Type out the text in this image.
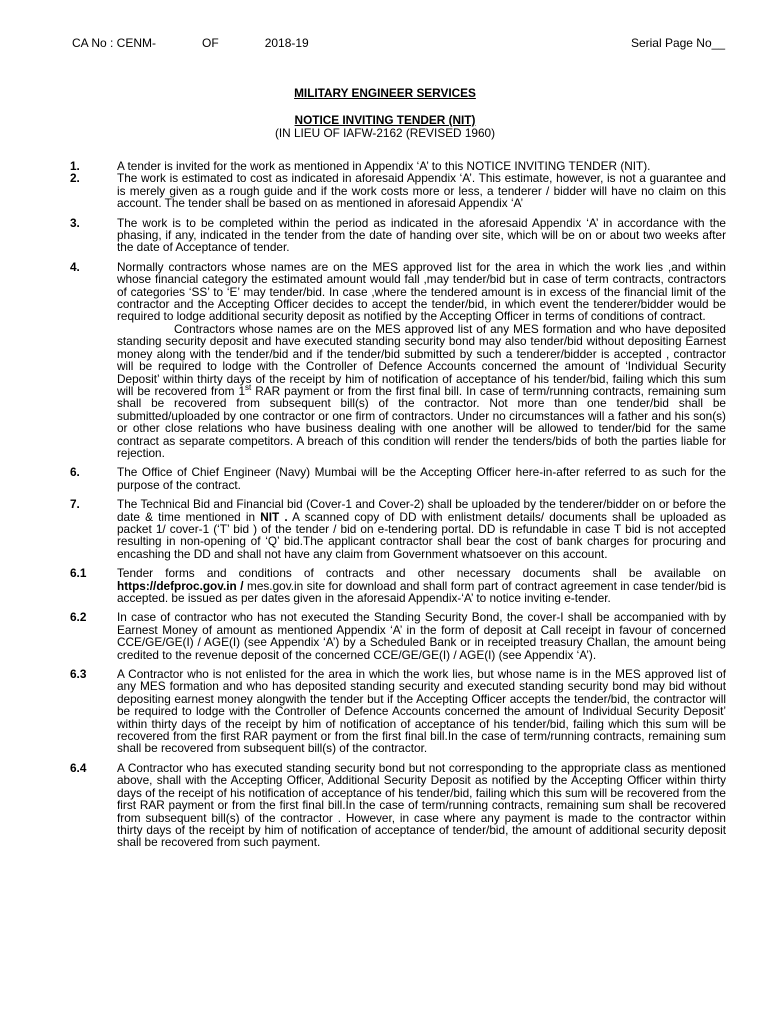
CA No : CENM-	OF	2018-19	Serial Page No__
MILITARY ENGINEER SERVICES
NOTICE INVITING TENDER (NIT)
(IN LIEU OF IAFW-2162 (REVISED 1960)
1.	A tender is invited for the work as mentioned in Appendix ‘A’ to this NOTICE INVITING TENDER (NIT).
2.	The work is estimated to cost as indicated in aforesaid Appendix ‘A’. This estimate, however, is not a guarantee and is merely given as a rough guide and if the work costs more or less, a tenderer / bidder will have no claim on this account. The tender shall be based on as mentioned in aforesaid Appendix ‘A’
3.	The work is to be completed within the period as indicated in the aforesaid Appendix ‘A’ in accordance with the phasing, if any, indicated in the tender from the date of handing over site, which will be on or about two weeks after the date of Acceptance of tender.
4.	Normally contractors whose names are on the MES approved list for the area in which the work lies ,and within whose financial category the estimated amount would fall ,may tender/bid but in case of term contracts, contractors of categories ‘SS’ to ‘E’ may tender/bid. In case ,where the tendered amount is in excess of the financial limit of the contractor and the Accepting Officer decides to accept the tender/bid, in which event the tenderer/bidder would be required to lodge additional security deposit as notified by the Accepting Officer in terms of conditions of contract.
Contractors whose names are on the MES approved list of any MES formation and who have deposited standing security deposit and have executed standing security bond may also tender/bid without depositing Earnest money along with the tender/bid and if the tender/bid submitted by such a tenderer/bidder is accepted , contractor will be required to lodge with the Controller of Defence Accounts concerned the amount of ‘Individual Security Deposit’ within thirty days of the receipt by him of notification of acceptance of his tender/bid, failing which this sum will be recovered from 1st RAR payment or from the first final bill. In case of term/running contracts, remaining sum shall be recovered from subsequent bill(s) of the contractor. Not more than one tender/bid shall be submitted/uploaded by one contractor or one firm of contractors. Under no circumstances will a father and his son(s) or other close relations who have business dealing with one another will be allowed to tender/bid for the same contract as separate competitors. A breach of this condition will render the tenders/bids of both the parties liable for rejection.
6.	The Office of Chief Engineer (Navy) Mumbai will be the Accepting Officer here-in-after referred to as such for the purpose of the contract.
7.	The Technical Bid and Financial bid (Cover-1 and Cover-2) shall be uploaded by the tenderer/bidder on or before the date & time mentioned in NIT . A scanned copy of DD with enlistment details/ documents shall be uploaded as packet 1/ cover-1 (‘T’ bid ) of the tender / bid on e-tendering portal. DD is refundable in case T bid is not accepted resulting in non-opening of ‘Q’ bid.The applicant contractor shall bear the cost of bank charges for procuring and encashing the DD and shall not have any claim from Government whatsoever on this account.
6.1	Tender forms and conditions of contracts and other necessary documents shall be available on https://defproc.gov.in / mes.gov.in site for download and shall form part of contract agreement in case tender/bid is accepted. be issued as per dates given in the aforesaid Appendix-‘A’ to notice inviting e-tender.
6.2	In case of contractor who has not executed the Standing Security Bond, the cover-I shall be accompanied with by Earnest Money of amount as mentioned Appendix ‘A’ in the form of deposit at Call receipt in favour of concerned CCE/GE/GE(I) / AGE(I) (see Appendix ‘A’) by a Scheduled Bank or in receipted treasury Challan, the amount being credited to the revenue deposit of the concerned CCE/GE/GE(I) / AGE(I) (see Appendix ‘A’).
6.3	A Contractor who is not enlisted for the area in which the work lies, but whose name is in the MES approved list of any MES formation and who has deposited standing security and executed standing security bond may bid without depositing earnest money alongwith the tender but if the Accepting Officer accepts the tender/bid, the contractor will be required to lodge with the Controller of Defence Accounts concerned the amount of Individual Security Deposit’ within thirty days of the receipt by him of notification of acceptance of his tender/bid, failing which this sum will be recovered from the first RAR payment or from the first final bill.In the case of term/running contracts, remaining sum shall be recovered from subsequent bill(s) of the contractor.
6.4	A Contractor who has executed standing security bond but not corresponding to the appropriate class as mentioned above, shall with the Accepting Officer, Additional Security Deposit as notified by the Accepting Officer within thirty days of the receipt of his notification of acceptance of his tender/bid, failing which this sum will be recovered from the first RAR payment or from the first final bill.In the case of term/running contracts, remaining sum shall be recovered from subsequent bill(s) of the contractor . However, in case where any payment is made to the contractor within thirty days of the receipt by him of notification of acceptance of tender/bid, the amount of additional security deposit shall be recovered from such payment.
